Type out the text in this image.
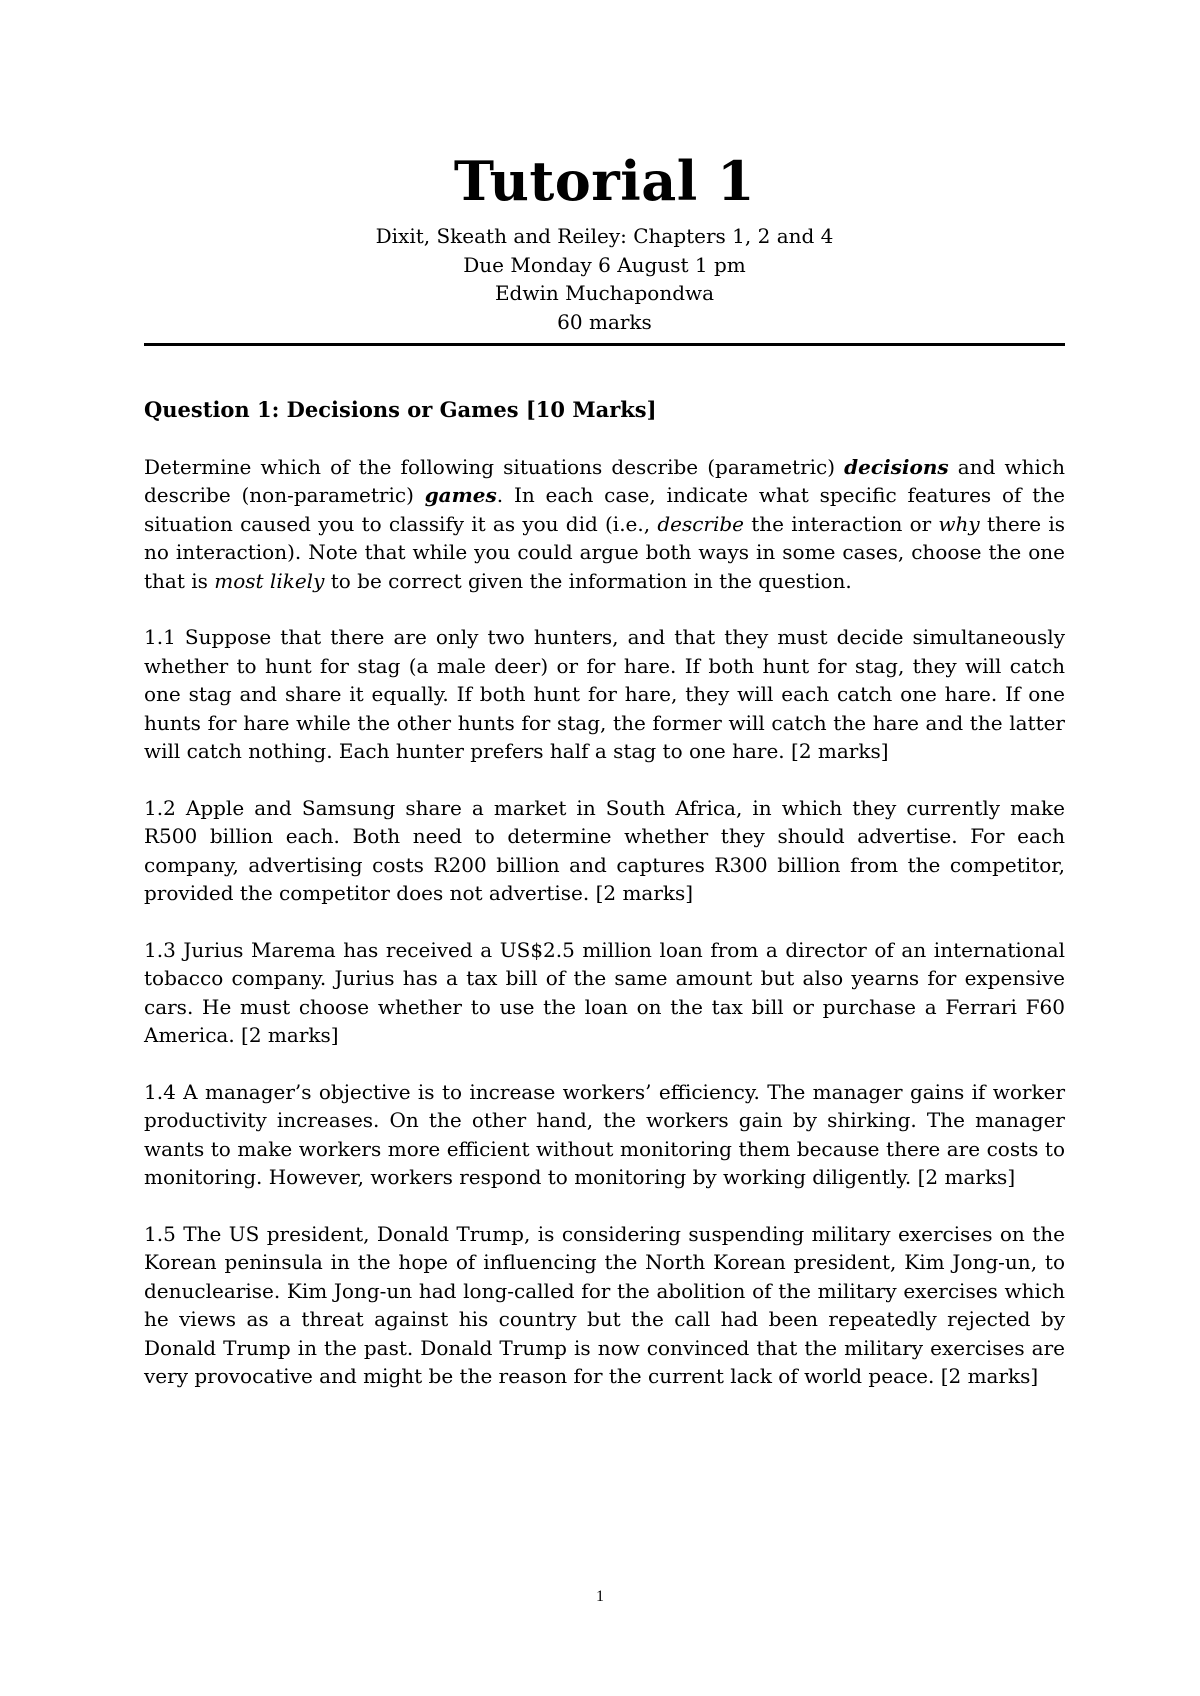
Tutorial 1

Dixit, Skeath and Reiley: Chapters 1, 2 and 4

Due Monday 6 August 1 pm

Edwin Muchapondwa

60 marks

Question 1: Decisions or Games [10 Marks]

Determine which of the following situations describe (parametric) decisions and which describe (non-parametric) games. In each case, indicate what specific features of the situation caused you to classify it as you did (i.e., describe the interaction or why there is no interaction). Note that while you could argue both ways in some cases, choose the one that is most likely to be correct given the information in the question.

1.1 Suppose that there are only two hunters, and that they must decide simultaneously whether to hunt for stag (a male deer) or for hare. If both hunt for stag, they will catch one stag and share it equally. If both hunt for hare, they will each catch one hare. If one hunts for hare while the other hunts for stag, the former will catch the hare and the latter will catch nothing. Each hunter prefers half a stag to one hare. [2 marks]

1.2 Apple and Samsung share a market in South Africa, in which they currently make R500 billion each. Both need to determine whether they should advertise. For each company, advertising costs R200 billion and captures R300 billion from the competitor, provided the competitor does not advertise. [2 marks]

1.3 Jurius Marema has received a US$2.5 million loan from a director of an international tobacco company. Jurius has a tax bill of the same amount but also yearns for expensive cars. He must choose whether to use the loan on the tax bill or purchase a Ferrari F60 America. [2 marks]

1.4 A manager’s objective is to increase workers’ efficiency. The manager gains if worker productivity increases. On the other hand, the workers gain by shirking. The manager wants to make workers more efficient without monitoring them because there are costs to monitoring. However, workers respond to monitoring by working diligently. [2 marks]

1.5 The US president, Donald Trump, is considering suspending military exercises on the Korean peninsula in the hope of influencing the North Korean president, Kim Jong-un, to denuclearise. Kim Jong-un had long-called for the abolition of the military exercises which he views as a threat against his country but the call had been repeatedly rejected by Donald Trump in the past. Donald Trump is now convinced that the military exercises are very provocative and might be the reason for the current lack of world peace. [2 marks]

1
